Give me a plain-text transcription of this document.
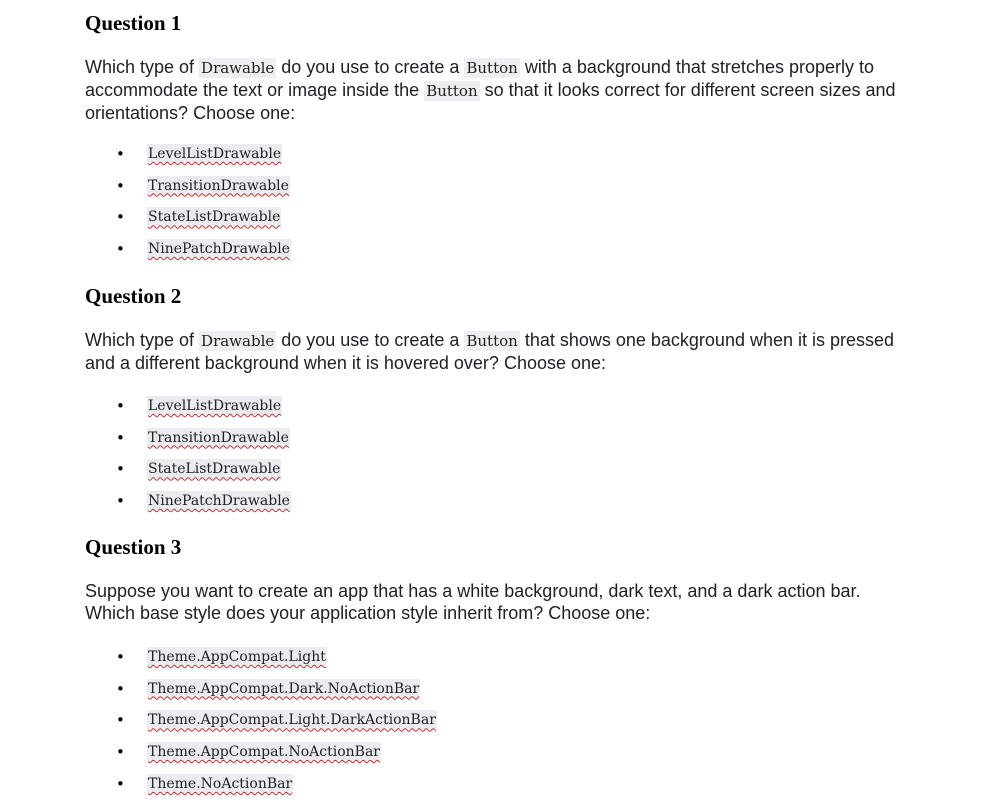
Question 1

Which type of Drawable do you use to create a Button with a background that stretches properly to accommodate the text or image inside the Button so that it looks correct for different screen sizes and orientations? Choose one:

• LevelListDrawable
• TransitionDrawable
• StateListDrawable
• NinePatchDrawable
Question 2

Which type of Drawable do you use to create a Button that shows one background when it is pressed and a different background when it is hovered over? Choose one:

• LevelListDrawable
• TransitionDrawable
• StateListDrawable
• NinePatchDrawable
Question 3

Suppose you want to create an app that has a white background, dark text, and a dark action bar. Which base style does your application style inherit from? Choose one:

• Theme.AppCompat.Light
• Theme.AppCompat.Dark.NoActionBar
• Theme.AppCompat.Light.DarkActionBar
• Theme.AppCompat.NoActionBar
• Theme.NoActionBar
